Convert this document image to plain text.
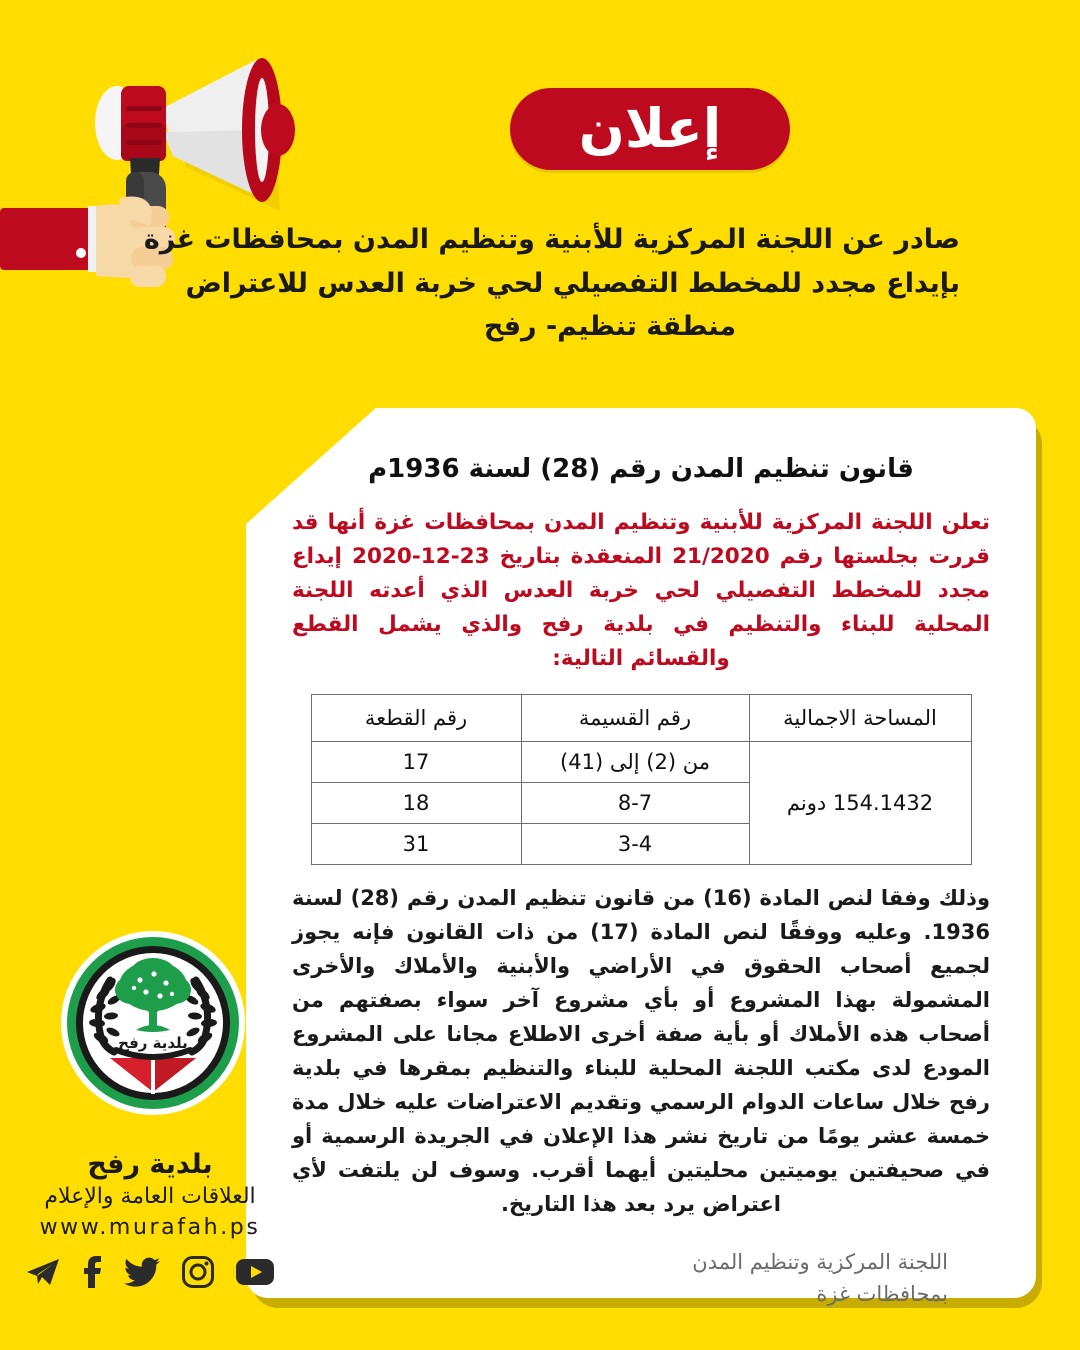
إعلان
صادر عن اللجنة المركزية للأبنية وتنظيم المدن بمحافظات غزة
بإيداع مجدد للمخطط التفصيلي لحي خربة العدس للاعتراض
منطقة تنظيم- رفح
قانون تنظيم المدن رقم (28) لسنة 1936م

تعلن اللجنة المركزية للأبنية وتنظيم المدن بمحافظات غزة أنها قد قررت بجلستها رقم 21/2020 المنعقدة بتاريخ 23-12-2020 إيداع مجدد للمخطط التفصيلي لحي خربة العدس الذي أعدته اللجنة المحلية للبناء والتنظيم في بلدية رفح والذي يشمل القطع والقسائم التالية:

المساحة الاجمالية	رقم القسيمة	رقم القطعة
154.1432 دونم	من (2) إلى (41)	17
	8-7	18
	3-4	31

وذلك وفقا لنص المادة (16) من قانون تنظيم المدن رقم (28) لسنة 1936. وعليه ووفقًا لنص المادة (17) من ذات القانون فإنه يجوز لجميع أصحاب الحقوق في الأراضي والأبنية والأملاك والأخرى المشمولة بهذا المشروع أو بأي مشروع آخر سواء بصفتهم من أصحاب هذه الأملاك أو بأية صفة أخرى الاطلاع مجانا على المشروع المودع لدى مكتب اللجنة المحلية للبناء والتنظيم بمقرها في بلدية رفح خلال ساعات الدوام الرسمي وتقديم الاعتراضات عليه خلال مدة خمسة عشر يومًا من تاريخ نشر هذا الإعلان في الجريدة الرسمية أو في صحيفتين يوميتين محليتين أيهما أقرب. وسوف لن يلتفت لأي اعتراض يرد بعد هذا التاريخ.

اللجنة المركزية وتنظيم المدن
بمحافظات غزة
بلدية رفح
بلدية رفح
العلاقات العامة والإعلام
www.murafah.ps
